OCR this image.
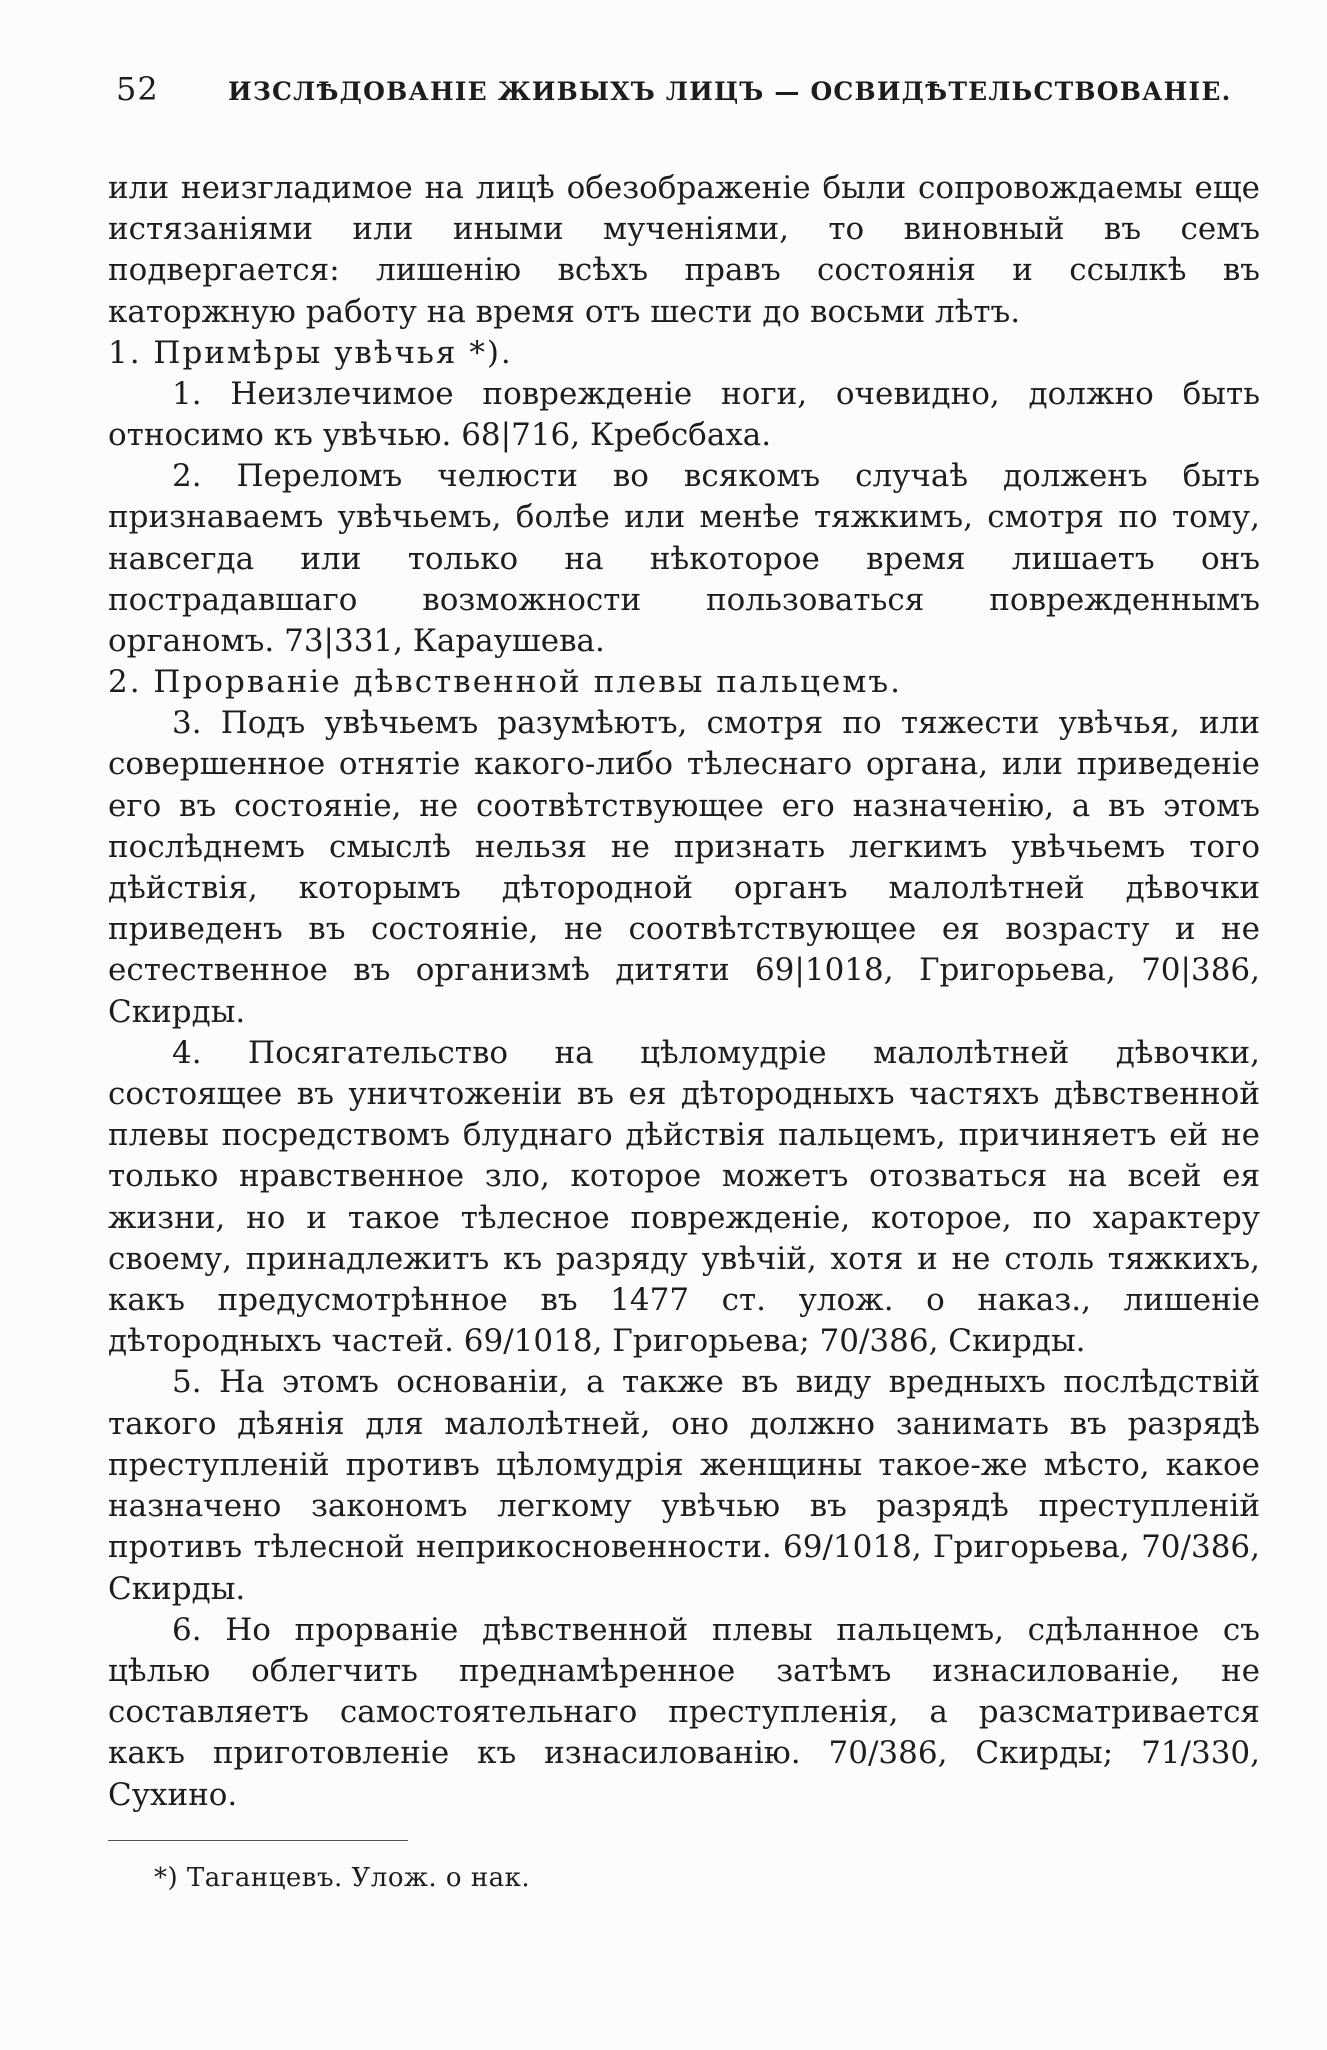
52	ИЗСЛѢДОВАНІЕ ЖИВЫХЪ ЛИЦЪ — ОСВИДѢТЕЛЬСТВОВАНІЕ.

или неизгладимое на лицѣ обезображеніе были сопровождаемы еще истязаніями или иными мученіями, то виновный въ семъ подвергается: лишенію всѣхъ правъ состоянія и ссылкѣ въ каторжную работу на время отъ шести до восьми лѣтъ.

1. Примѣры увѣчья *).

1. Неизлечимое поврежденіе ноги, очевидно, должно быть относимо къ увѣчью. 68|716, Кребсбаха.

2. Переломъ челюсти во всякомъ случаѣ долженъ быть признаваемъ увѣчьемъ, болѣе или менѣе тяжкимъ, смотря по тому, навсегда или только на нѣкоторое время лишаетъ онъ пострадавшаго возможности пользоваться поврежденнымъ органомъ. 73|331, Караушева.

2. Прорваніе дѣвственной плевы пальцемъ.

3. Подъ увѣчьемъ разумѣютъ, смотря по тяжести увѣчья, или совершенное отнятіе какого-либо тѣлеснаго органа, или приведеніе его въ состояніе, не соотвѣтствующее его назначенію, а въ этомъ послѣднемъ смыслѣ нельзя не признать легкимъ увѣчьемъ того дѣйствія, которымъ дѣтородной органъ малолѣтней дѣвочки приведенъ въ состояніе, не соотвѣтствующее ея возрасту и не естественное въ организмѣ дитяти 69|1018, Григорьева, 70|386, Скирды.

4. Посягательство на цѣломудріе малолѣтней дѣвочки, состоящее въ уничтоженіи въ ея дѣтородныхъ частяхъ дѣвственной плевы посредствомъ блуднаго дѣйствія пальцемъ, причиняетъ ей не только нравственное зло, которое можетъ отозваться на всей ея жизни, но и такое тѣлесное поврежденіе, которое, по характеру своему, принадлежитъ къ разряду увѣчій, хотя и не столь тяжкихъ, какъ предусмотрѣнное въ 1477 ст. улож. о наказ., лишеніе дѣтородныхъ частей. 69/1018, Григорьева; 70/386, Скирды.

5. На этомъ основаніи, а также въ виду вредныхъ послѣдствій такого дѣянія для малолѣтней, оно должно занимать въ разрядѣ преступленій противъ цѣломудрія женщины такое-же мѣсто, какое назначено закономъ легкому увѣчью въ разрядѣ преступленій противъ тѣлесной неприкосновенности. 69/1018, Григорьева, 70/386, Скирды.

6. Но прорваніе дѣвственной плевы пальцемъ, сдѣланное съ цѣлью облегчить преднамѣренное затѣмъ изнасилованіе, не составляетъ самостоятельнаго преступленія, а разсматривается какъ приготовленіе къ изнасилованію. 70/386, Скирды; 71/330, Сухино.

*) Таганцевъ. Улож. о нак.
